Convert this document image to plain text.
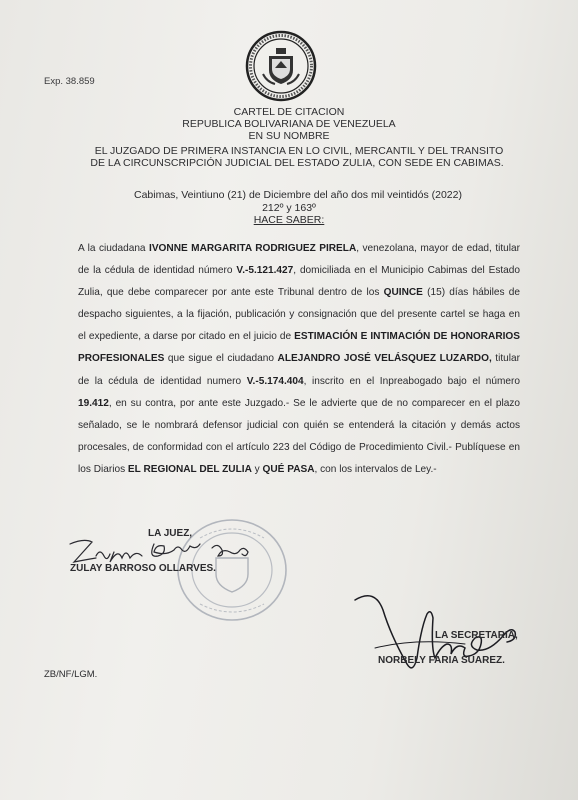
Exp. 38.859
CARTEL DE CITACION
REPUBLICA BOLIVARIANA DE VENEZUELA
EN SU NOMBRE
EL JUZGADO DE PRIMERA INSTANCIA EN LO CIVIL, MERCANTIL Y DEL TRANSITO
DE LA CIRCUNSCRIPCIÓN JUDICIAL DEL ESTADO ZULIA, CON SEDE EN CABIMAS.
Cabimas, Veintiuno (21) de Diciembre del año dos mil veintidós (2022)
212º y 163º
HACE SABER:
A la ciudadana IVONNE MARGARITA RODRIGUEZ PIRELA, venezolana, mayor de edad, titular de la cédula de identidad número V.-5.121.427, domiciliada en el Municipio Cabimas del Estado Zulia, que debe comparecer por ante este Tribunal dentro de los QUINCE (15) días hábiles de despacho siguientes, a la fijación, publicación y consignación que del presente cartel se haga en el expediente, a darse por citado en el juicio de ESTIMACIÓN E INTIMACIÓN DE HONORARIOS PROFESIONALES que sigue el ciudadano ALEJANDRO JOSÉ VELÁSQUEZ LUZARDO, titular de la cédula de identidad numero V.-5.174.404, inscrito en el Inpreabogado bajo el número 19.412, en su contra, por ante este Juzgado.- Se le advierte que de no comparecer en el plazo señalado, se le nombrará defensor judicial con quién se entenderá la citación y demás actos procesales, de conformidad con el artículo 223 del Código de Procedimiento Civil.- Publíquese en los Diarios EL REGIONAL DEL ZULIA y QUÉ PASA, con los intervalos de Ley.-
LA JUEZ,
ZULAY BARROSO OLLARVES.
LA SECRETARIA,
NORBELY FARIA SUAREZ.
ZB/NF/LGM.
